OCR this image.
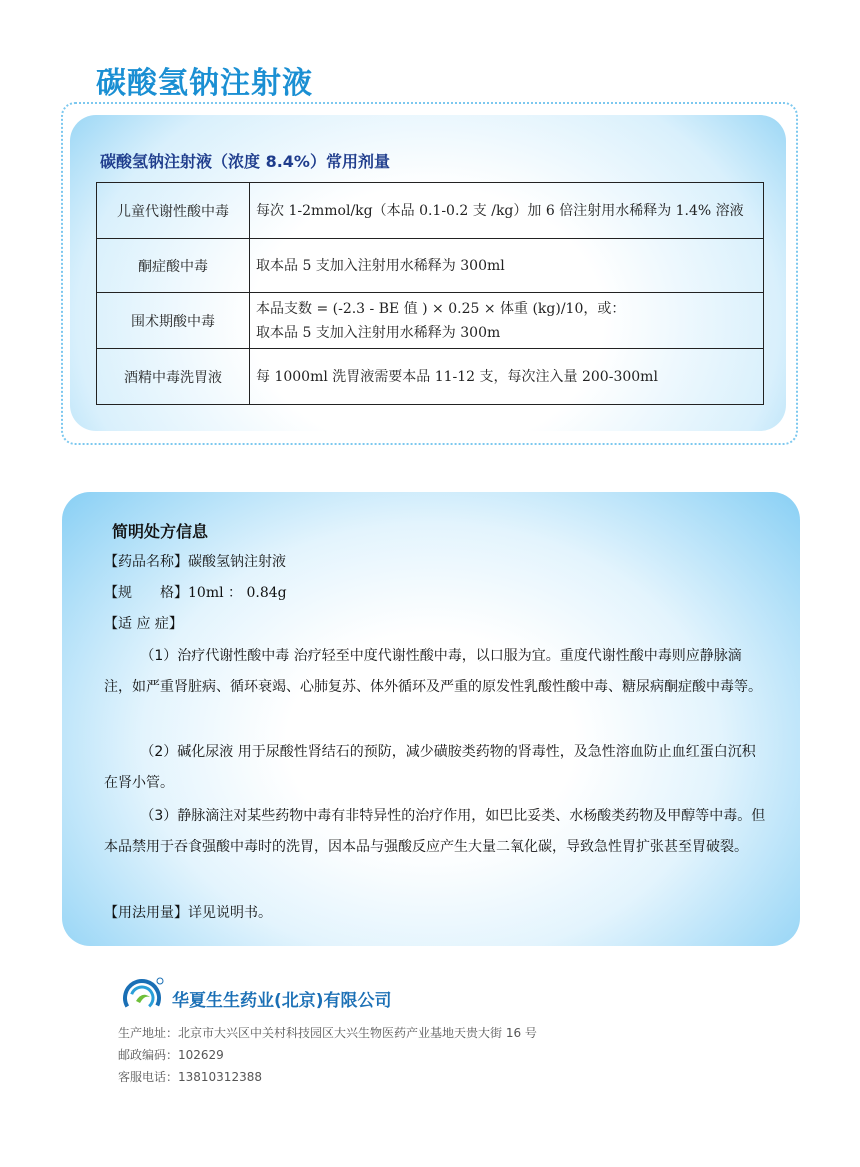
碳酸氢钠注射液
碳酸氢钠注射液（浓度 8.4%）常用剂量
儿童代谢性酸中毒	每次 1-2mmol/kg（本品 0.1-0.2 支 /kg）加 6 倍注射用水稀释为 1.4% 溶液
酮症酸中毒	取本品 5 支加入注射用水稀释为 300ml
围术期酸中毒	本品支数 = (-2.3 - BE 值 ) × 0.25 × 体重 (kg)/10，或：
取本品 5 支加入注射用水稀释为 300m

酒精中毒洗胃液	每 1000ml 洗胃液需要本品 11-12 支，每次注入量 200-300ml
简明处方信息
【药品名称】碳酸氢钠注射液
【规　　格】10ml ： 0.84g
【适 应 症】

（1）治疗代谢性酸中毒 治疗轻至中度代谢性酸中毒，以口服为宜。重度代谢性酸中毒则应静脉滴注，如严重肾脏病、循环衰竭、心肺复苏、体外循环及严重的原发性乳酸性酸中毒、糖尿病酮症酸中毒等。

（2）碱化尿液 用于尿酸性肾结石的预防，减少磺胺类药物的肾毒性，及急性溶血防止血红蛋白沉积在肾小管。

（3）静脉滴注对某些药物中毒有非特异性的治疗作用，如巴比妥类、水杨酸类药物及甲醇等中毒。但本品禁用于吞食强酸中毒时的洗胃，因本品与强酸反应产生大量二氧化碳，导致急性胃扩张甚至胃破裂。

【用法用量】详见说明书。
华夏生生药业(北京)有限公司
生产地址：北京市大兴区中关村科技园区大兴生物医药产业基地天贵大街 16 号
邮政编码：102629
客服电话：13810312388
